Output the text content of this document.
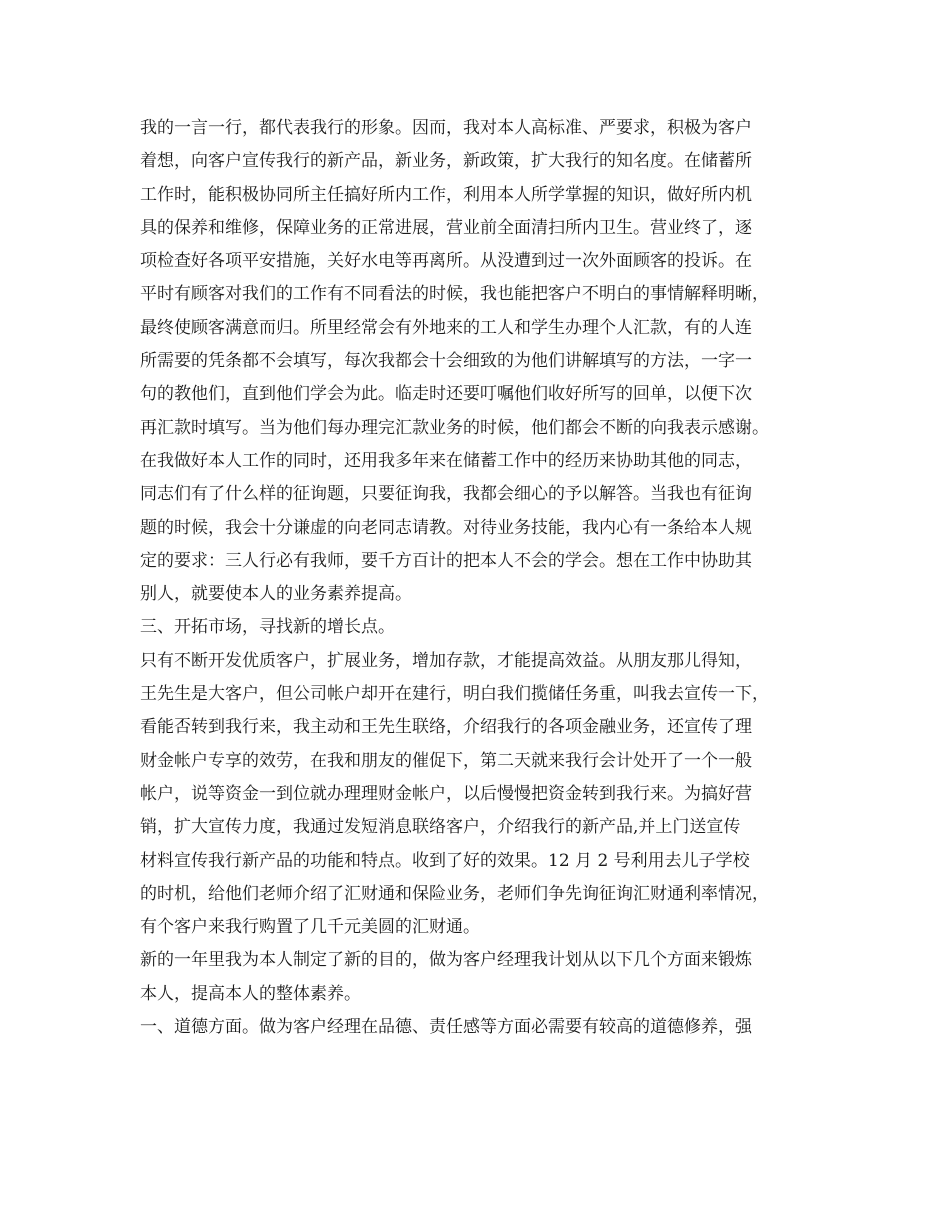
我的一言一行，都代表我行的形象。因而，我对本人高标准、严要求，积极为客户
着想，向客户宣传我行的新产品，新业务，新政策，扩大我行的知名度。在储蓄所
工作时，能积极协同所主任搞好所内工作，利用本人所学掌握的知识，做好所内机
具的保养和维修，保障业务的正常进展，营业前全面清扫所内卫生。营业终了，逐
项检查好各项平安措施，关好水电等再离所。从没遭到过一次外面顾客的投诉。在
平时有顾客对我们的工作有不同看法的时候，我也能把客户不明白的事情解释明晰，
最终使顾客满意而归。所里经常会有外地来的工人和学生办理个人汇款，有的人连
所需要的凭条都不会填写，每次我都会十会细致的为他们讲解填写的方法，一字一
句的教他们，直到他们学会为此。临走时还要叮嘱他们收好所写的回单，以便下次
再汇款时填写。当为他们每办理完汇款业务的时候，他们都会不断的向我表示感谢。
在我做好本人工作的同时，还用我多年来在储蓄工作中的经历来协助其他的同志，
同志们有了什么样的征询题，只要征询我，我都会细心的予以解答。当我也有征询
题的时候，我会十分谦虚的向老同志请教。对待业务技能，我内心有一条给本人规
定的要求：三人行必有我师，要千方百计的把本人不会的学会。想在工作中协助其
别人，就要使本人的业务素养提高。
三、开拓市场，寻找新的增长点。
只有不断开发优质客户，扩展业务，增加存款，才能提高效益。从朋友那儿得知，
王先生是大客户，但公司帐户却开在建行，明白我们揽储任务重，叫我去宣传一下，
看能否转到我行来，我主动和王先生联络，介绍我行的各项金融业务，还宣传了理
财金帐户专享的效劳，在我和朋友的催促下，第二天就来我行会计处开了一个一般
帐户，说等资金一到位就办理理财金帐户，以后慢慢把资金转到我行来。为搞好营
销，扩大宣传力度，我通过发短消息联络客户，介绍我行的新产品,并上门送宣传
材料宣传我行新产品的功能和特点。收到了好的效果。12 月 2 号利用去儿子学校
的时机，给他们老师介绍了汇财通和保险业务，老师们争先询征询汇财通利率情况，
有个客户来我行购置了几千元美圆的汇财通。
新的一年里我为本人制定了新的目的，做为客户经理我计划从以下几个方面来锻炼
本人，提高本人的整体素养。
一、道德方面。做为客户经理在品德、责任感等方面必需要有较高的道德修养，强
